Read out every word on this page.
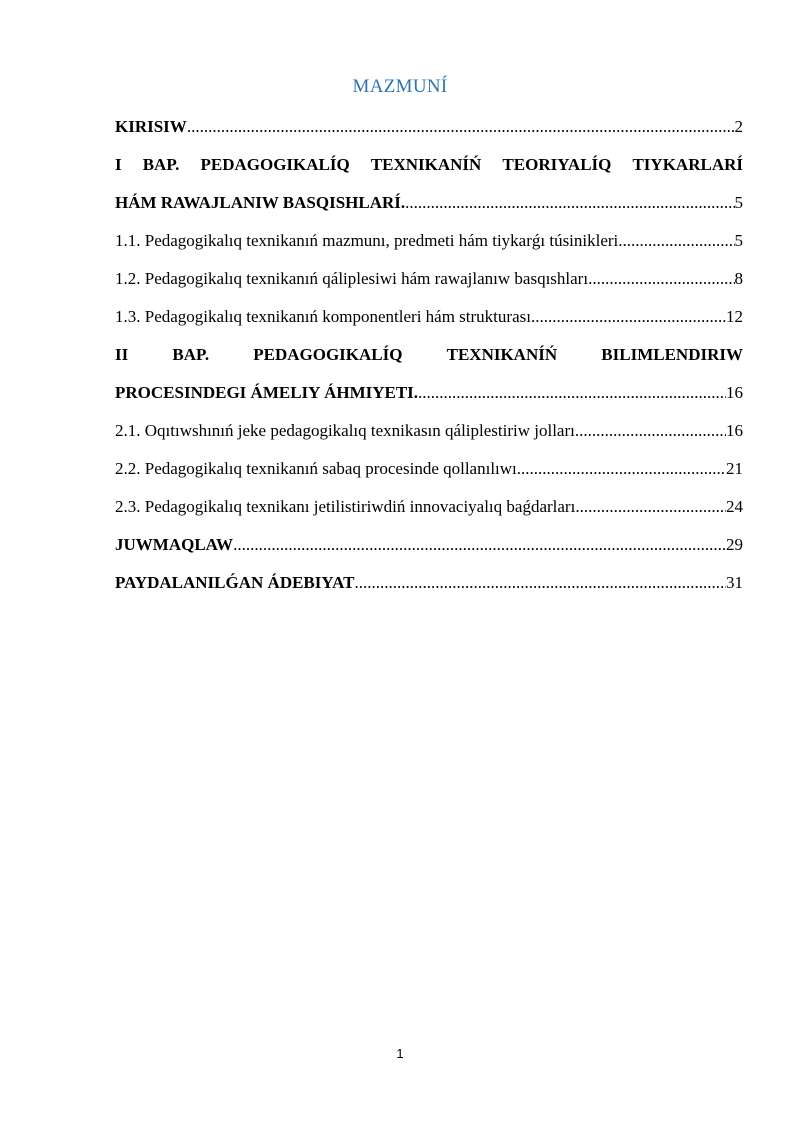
MAZMUNÍ
KIRISIW .....	2
I BAP. PEDAGOGIKALÍQ TEXNIKANÍŃ TEORIYALÍQ TIYKARLARÍ
HÁM RAWAJLANIW BASQISHLARÍ. .....	5
1.1. Pedagogikalıq texnikanıń mazmunı, predmeti hám tiykarǵı túsinikleri .....	5
1.2. Pedagogikalıq texnikanıń qáliplesiwi hám rawajlanıw basqıshları .....	8
1.3. Pedagogikalıq texnikanıń komponentleri hám strukturası .....	12
II	BAP.	PEDAGOGIKALÍQ	TEXNIKANÍŃ	BILIMLENDIRIW
PROCESINDEGI ÁMELIY ÁHMIYETI. .....	16
2.1. Oqıtıwshınıń jeke pedagogikalıq texnikasın qáliplestiriw jolları .....	16
2.2. Pedagogikalıq texnikanıń sabaq procesinde qollanılıwı .....	21
2.3. Pedagogikalıq texnikanı jetilistiriwdiń innovaciyalıq baǵdarları .....	24
JUWMAQLAW .....	29
PAYDALANILǴAN ÁDEBIYAT .....	31
1
